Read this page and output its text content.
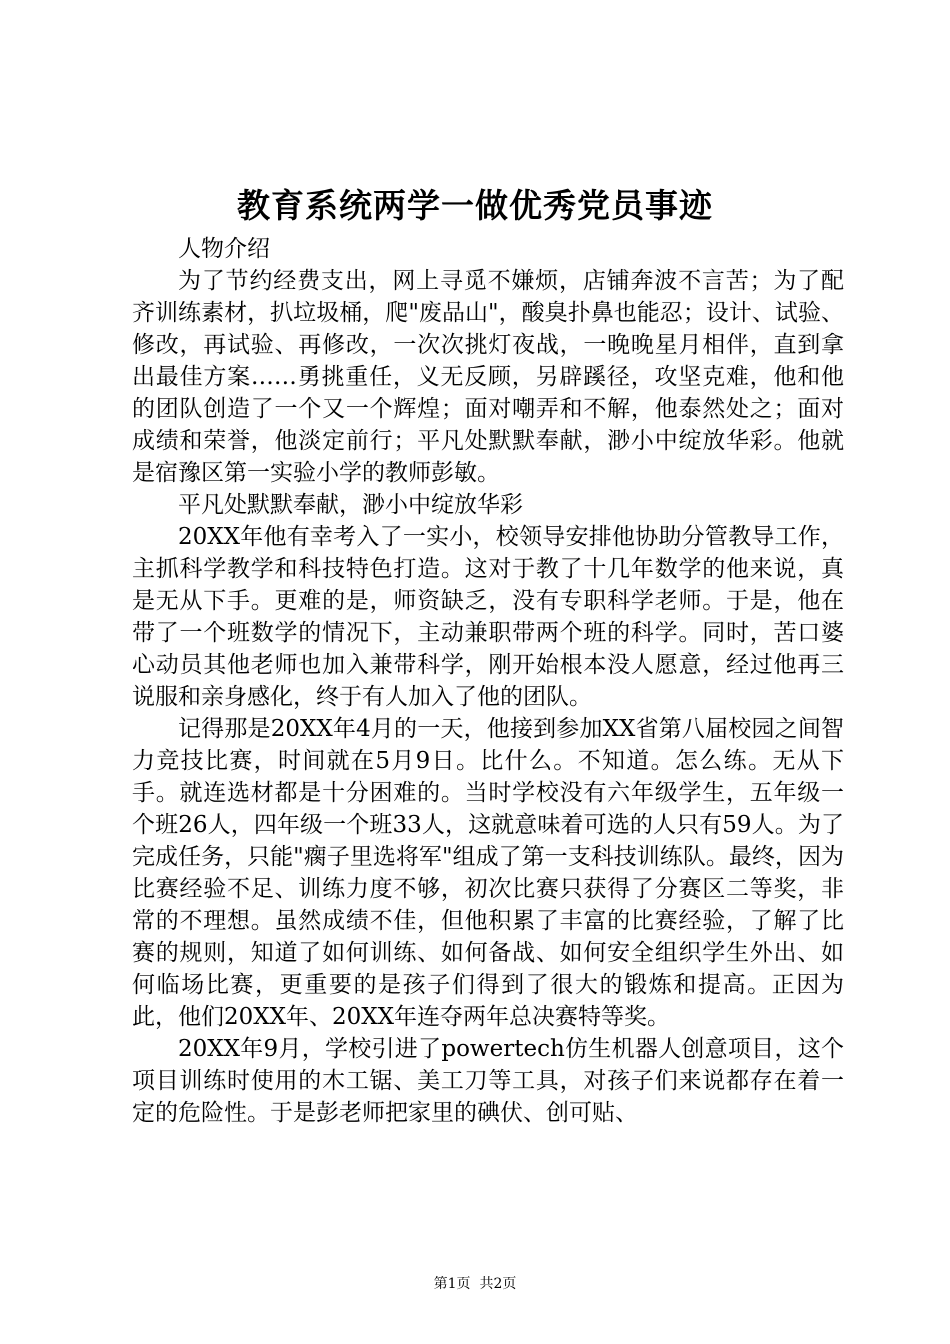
教育系统两学一做优秀党员事迹

人物介绍

为了节约经费支出，网上寻觅不嫌烦，店铺奔波不言苦；为了配齐训练素材，扒垃圾桶，爬"废品山"，酸臭扑鼻也能忍；设计、试验、修改，再试验、再修改，一次次挑灯夜战，一晚晚星月相伴，直到拿出最佳方案……勇挑重任，义无反顾，另辟蹊径，攻坚克难，他和他的团队创造了一个又一个辉煌；面对嘲弄和不解，他泰然处之；面对成绩和荣誉，他淡定前行；平凡处默默奉献，渺小中绽放华彩。他就是宿豫区第一实验小学的教师彭敏。

平凡处默默奉献，渺小中绽放华彩

20XX年他有幸考入了一实小，校领导安排他协助分管教导工作，主抓科学教学和科技特色打造。这对于教了十几年数学的他来说，真是无从下手。更难的是，师资缺乏，没有专职科学老师。于是，他在带了一个班数学的情况下，主动兼职带两个班的科学。同时，苦口婆心动员其他老师也加入兼带科学，刚开始根本没人愿意，经过他再三说服和亲身感化，终于有人加入了他的团队。

记得那是20XX年4月的一天，他接到参加XX省第八届校园之间智力竞技比赛，时间就在5月9日。比什么。不知道。怎么练。无从下手。就连选材都是十分困难的。当时学校没有六年级学生，五年级一个班26人，四年级一个班33人，这就意味着可选的人只有59人。为了完成任务，只能"瘸子里选将军"组成了第一支科技训练队。最终，因为比赛经验不足、训练力度不够，初次比赛只获得了分赛区二等奖，非常的不理想。虽然成绩不佳，但他积累了丰富的比赛经验，了解了比赛的规则，知道了如何训练、如何备战、如何安全组织学生外出、如何临场比赛，更重要的是孩子们得到了很大的锻炼和提高。正因为此，他们20XX年、20XX年连夺两年总决赛特等奖。

20XX年9月，学校引进了powertech仿生机器人创意项目，这个项目训练时使用的木工锯、美工刀等工具，对孩子们来说都存在着一定的危险性。于是彭老师把家里的碘伏、创可贴、

第1页 共2页
